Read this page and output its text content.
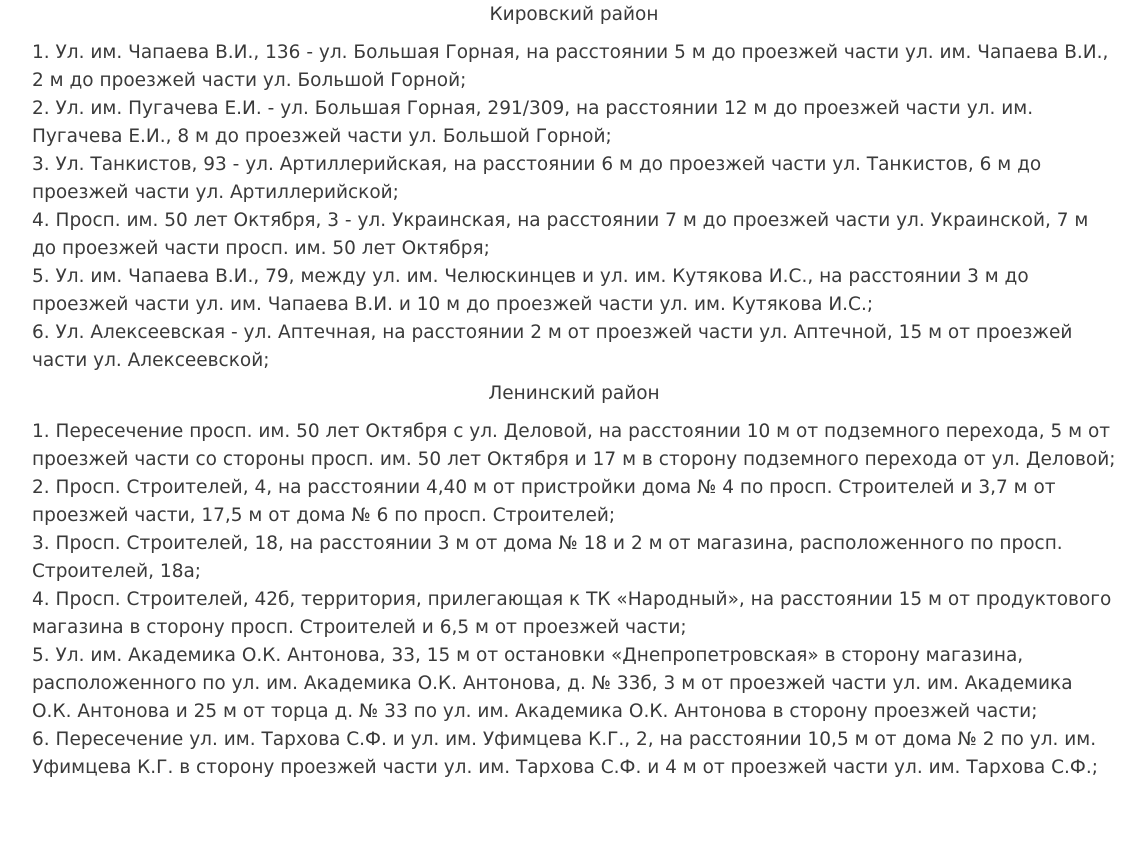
Кировский район

1. Ул. им. Чапаева В.И., 136 - ул. Большая Горная, на расстоянии 5 м до проезжей части ул. им. Чапаева В.И., 2 м до проезжей части ул. Большой Горной;

2. Ул. им. Пугачева Е.И. - ул. Большая Горная, 291/309, на расстоянии 12 м до проезжей части ул. им. Пугачева Е.И., 8 м до проезжей части ул. Большой Горной;

3. Ул. Танкистов, 93 - ул. Артиллерийская, на расстоянии 6 м до проезжей части ул. Танкистов, 6 м до проезжей части ул. Артиллерийской;

4. Просп. им. 50 лет Октября, 3 - ул. Украинская, на расстоянии 7 м до проезжей части ул. Украинской, 7 м до проезжей части просп. им. 50 лет Октября;

5. Ул. им. Чапаева В.И., 79, между ул. им. Челюскинцев и ул. им. Кутякова И.С., на расстоянии 3 м до проезжей части ул. им. Чапаева В.И. и 10 м до проезжей части ул. им. Кутякова И.С.;

6. Ул. Алексеевская - ул. Аптечная, на расстоянии 2 м от проезжей части ул. Аптечной, 15 м от проезжей части ул. Алексеевской;

Ленинский район

1. Пересечение просп. им. 50 лет Октября с ул. Деловой, на расстоянии 10 м от подземного перехода, 5 м от проезжей части со стороны просп. им. 50 лет Октября и 17 м в сторону подземного перехода от ул. Деловой;

2. Просп. Строителей, 4, на расстоянии 4,40 м от пристройки дома № 4 по просп. Строителей и 3,7 м от проезжей части, 17,5 м от дома № 6 по просп. Строителей;

3. Просп. Строителей, 18, на расстоянии 3 м от дома № 18 и 2 м от магазина, расположенного по просп. Строителей, 18а;

4. Просп. Строителей, 42б, территория, прилегающая к ТК «Народный», на расстоянии 15 м от продуктового магазина в сторону просп. Строителей и 6,5 м от проезжей части;

5. Ул. им. Академика О.К. Антонова, 33, 15 м от остановки «Днепропетровская» в сторону магазина, расположенного по ул. им. Академика О.К. Антонова, д. № 33б, 3 м от проезжей части ул. им. Академика О.К. Антонова и 25 м от торца д. № 33 по ул. им. Академика О.К. Антонова в сторону проезжей части;

6. Пересечение ул. им. Тархова С.Ф. и ул. им. Уфимцева К.Г., 2, на расстоянии 10,5 м от дома № 2 по ул. им. Уфимцева К.Г. в сторону проезжей части ул. им. Тархова С.Ф. и 4 м от проезжей части ул. им. Тархова С.Ф.;
